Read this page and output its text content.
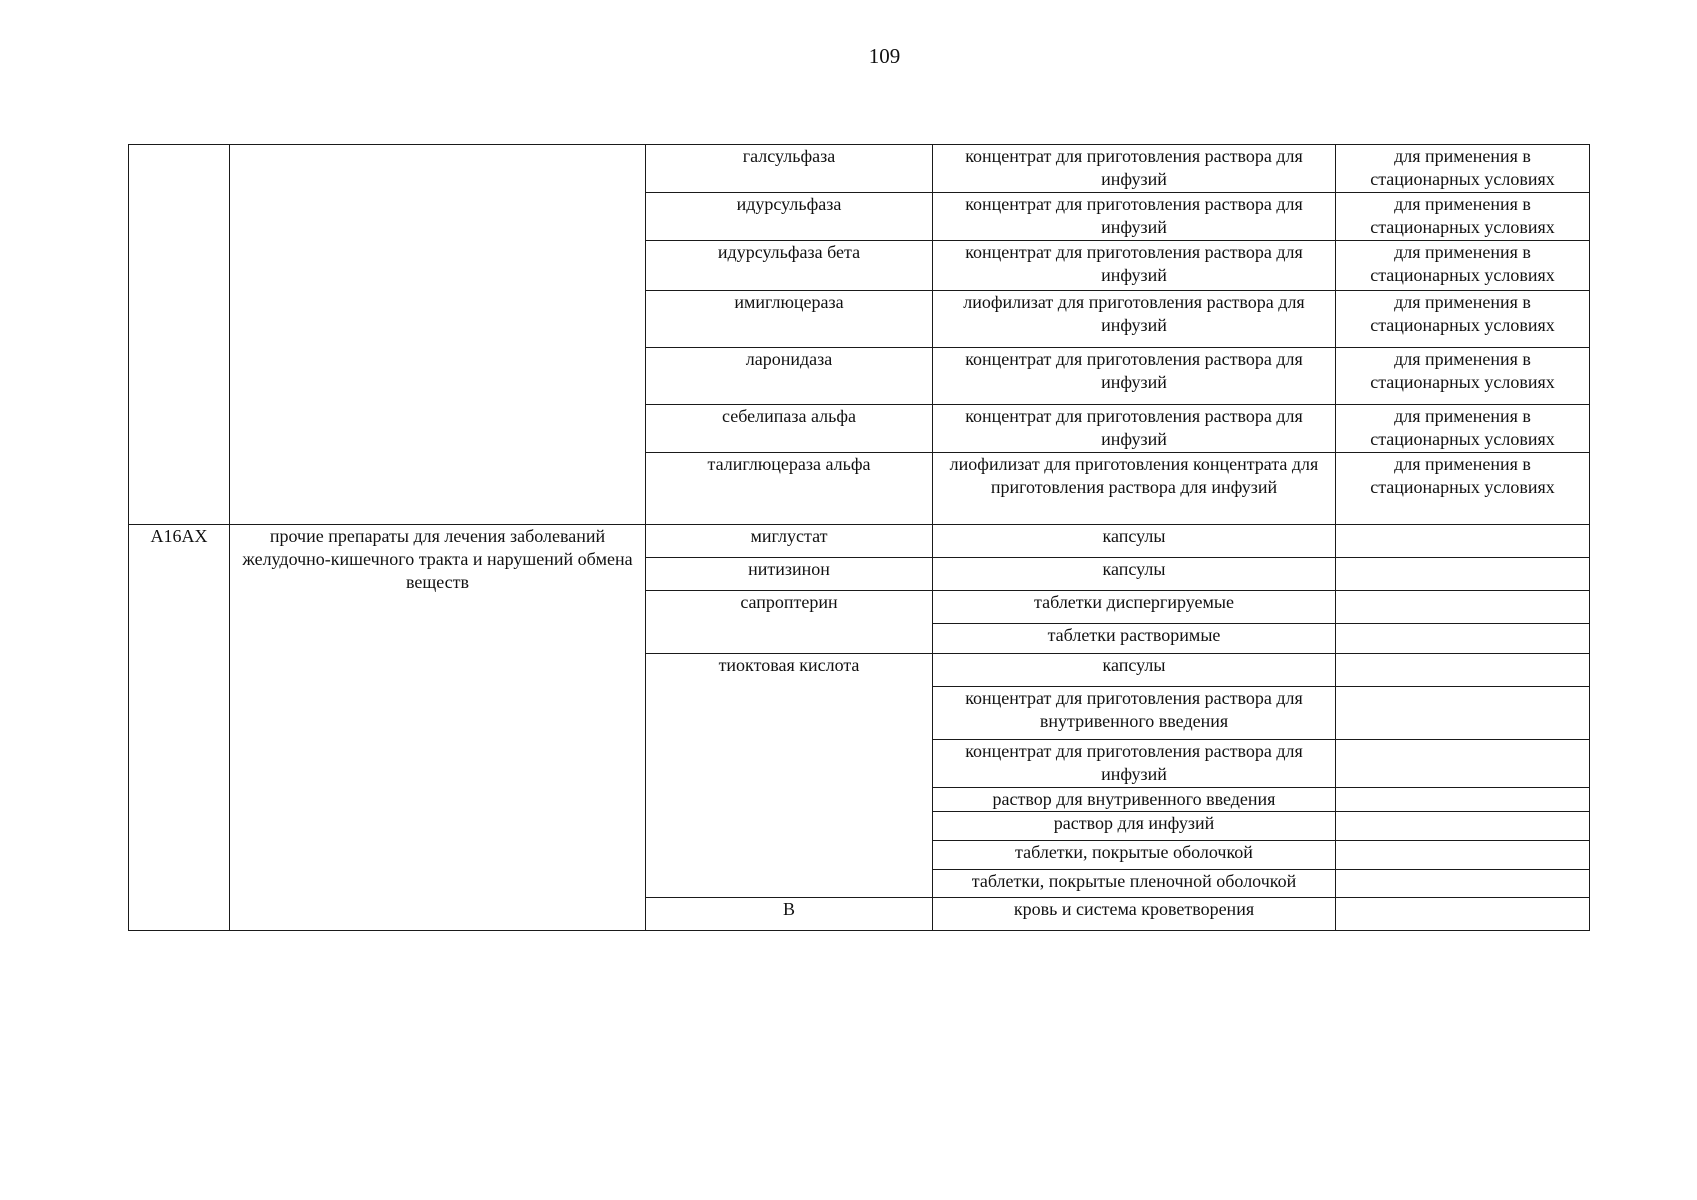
109
		галсульфаза	концентрат для приготовления раствора для инфузий	для применения в стационарных условиях	
		идурсульфаза	концентрат для приготовления раствора для инфузий	для применения в стационарных условиях	
		идурсульфаза бета	концентрат для приготовления раствора для инфузий	для применения в стационарных условиях	
		имиглюцераза	лиофилизат для приготовления раствора для инфузий	для применения в стационарных условиях	
		ларонидаза	концентрат для приготовления раствора для инфузий	для применения в стационарных условиях	
		себелипаза альфа	концентрат для приготовления раствора для инфузий	для применения в стационарных условиях	
		талиглюцераза альфа	лиофилизат для приготовления концентрата для приготовления раствора для инфузий	для применения в стационарных условиях	
A16AX	прочие препараты для лечения заболеваний желудочно-кишечного тракта и нарушений обмена веществ	миглустат	капсулы		
		нитизинон	капсулы		
		сапроптерин	таблетки диспергируемые		
			таблетки растворимые		
		тиоктовая кислота	капсулы		
			концентрат для приготовления раствора для внутривенного введения		
			концентрат для приготовления раствора для инфузий		
			раствор для внутривенного введения		
			раствор для инфузий		
			таблетки, покрытые оболочкой		
			таблетки, покрытые пленочной оболочкой		
		B	кровь и система кроветворения			
